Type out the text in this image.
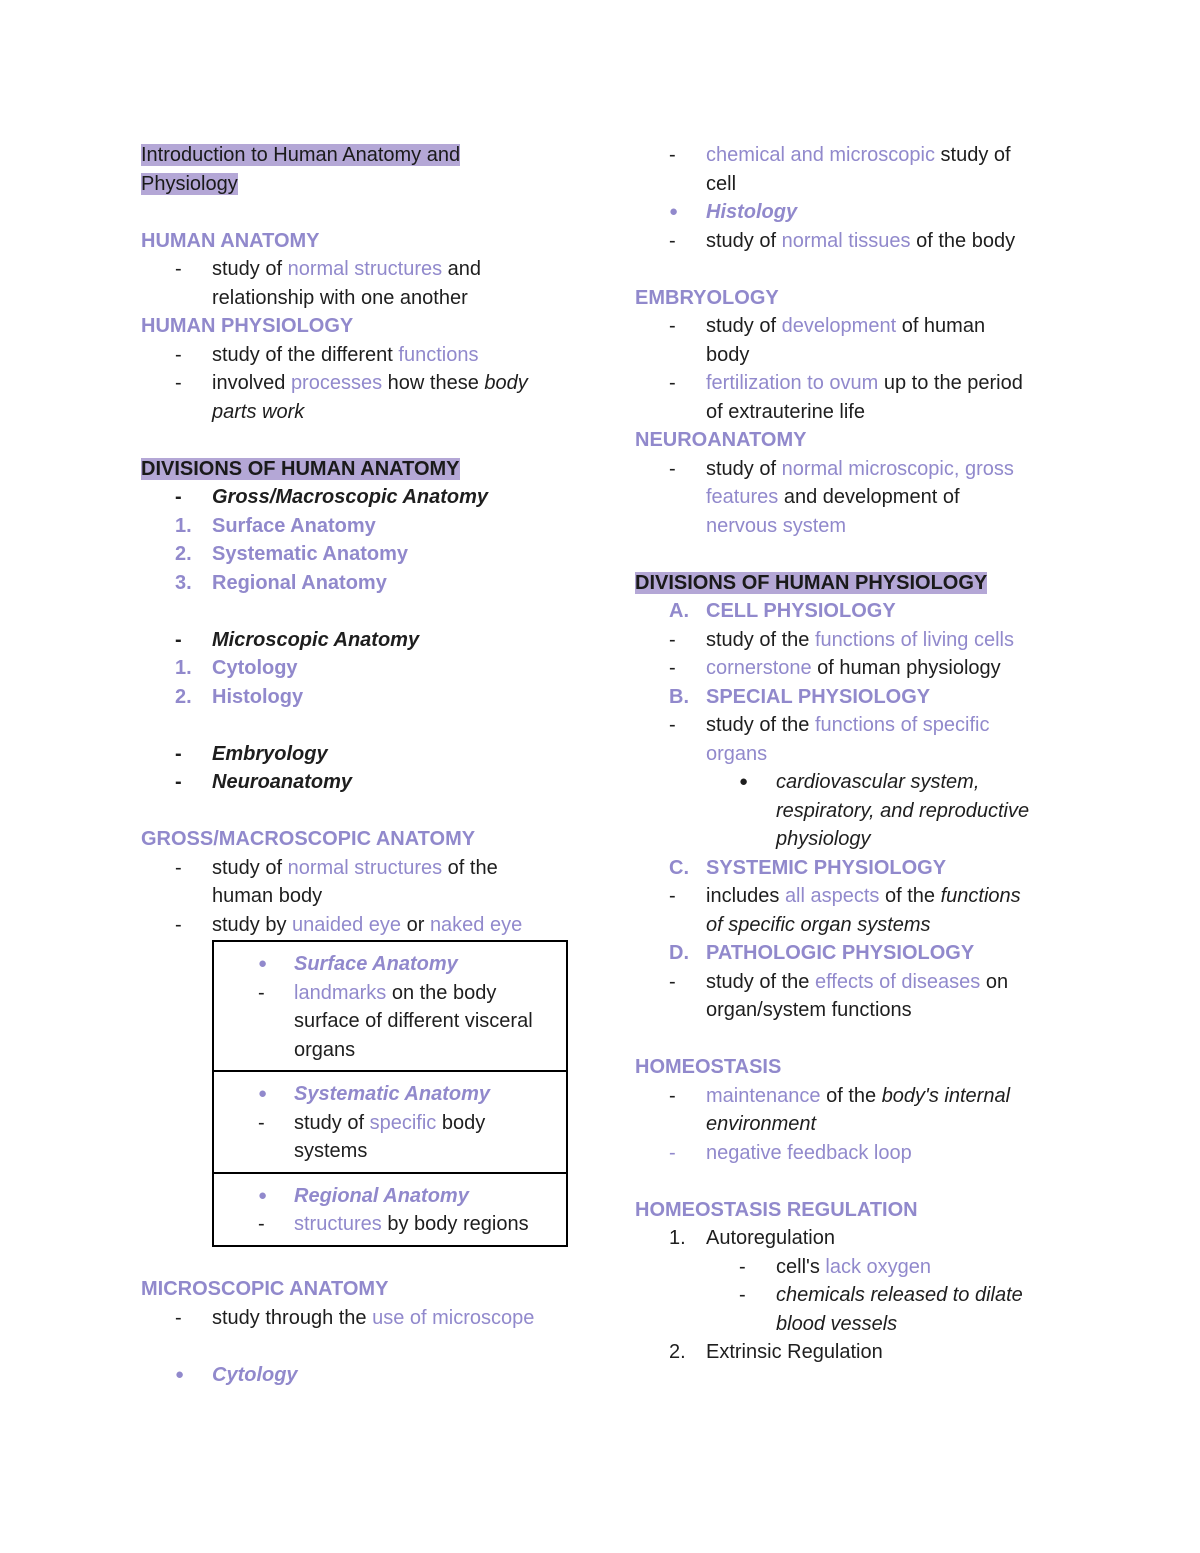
Introduction to Human Anatomy and
Physiology

HUMAN ANATOMY

-	study of normal structures and
relationship with one another

HUMAN PHYSIOLOGY

-	study of the different functions
-	involved processes how these body
parts work

DIVISIONS OF HUMAN ANATOMY

-	Gross/Macroscopic Anatomy
1.	Surface Anatomy
2.	Systematic Anatomy
3.	Regional Anatomy
-	Microscopic Anatomy
1.	Cytology
2.	Histology
-	Embryology
-	Neuroanatomy

GROSS/MACROSCOPIC ANATOMY

-	study of normal structures of the
human body
-	study by unaided eye or naked eye
●	Surface Anatomy
-	landmarks on the body
surface of different visceral
organs

●	Systematic Anatomy
-	study of specific body
systems

●	Regional Anatomy
-	structures by body regions

MICROSCOPIC ANATOMY

-	study through the use of microscope
●	Cytology
-	chemical and microscopic study of
cell
●	Histology
-	study of normal tissues of the body

EMBRYOLOGY

-	study of development of human
body
-	fertilization to ovum up to the period
of extrauterine life

NEUROANATOMY

-	study of normal microscopic, gross
features and development of
nervous system

DIVISIONS OF HUMAN PHYSIOLOGY

A. CELL PHYSIOLOGY
-	study of the functions of living cells
-	cornerstone of human physiology
B. SPECIAL PHYSIOLOGY
-	study of the functions of specific
organs
●	cardiovascular system,
respiratory, and reproductive
physiology
C. SYSTEMIC PHYSIOLOGY
-	includes all aspects of the functions
of specific organ systems
D. PATHOLOGIC PHYSIOLOGY
-	study of the effects of diseases on
organ/system functions

HOMEOSTASIS

-	maintenance of the body's internal
environment
-	negative feedback loop

HOMEOSTASIS REGULATION

1.	Autoregulation
-	cell's lack oxygen
-	chemicals released to dilate
blood vessels
2.	Extrinsic Regulation
